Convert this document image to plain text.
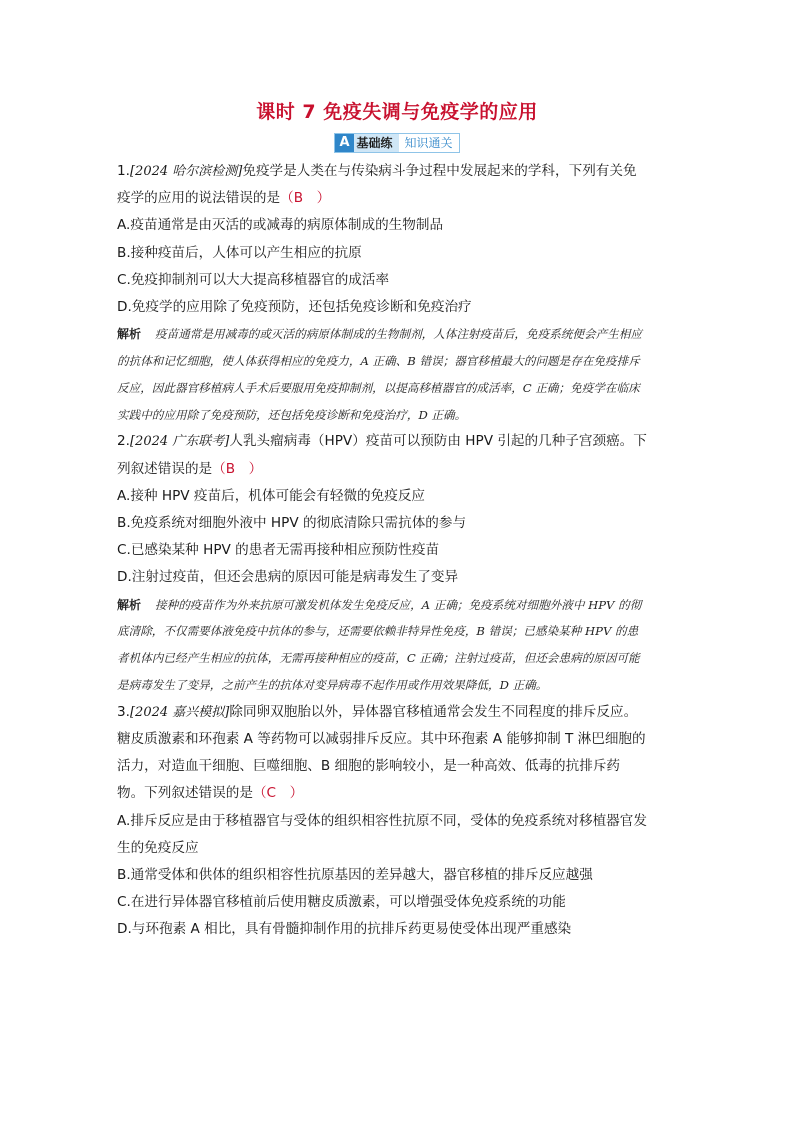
课时 7 免疫失调与免疫学的应用
A 基础练	知识通关
1.[2024 哈尔滨检测]免疫学是人类在与传染病斗争过程中发展起来的学科，下列有关免疫学的应用的说法错误的是（B　）
A.疫苗通常是由灭活的或减毒的病原体制成的生物制品
B.接种疫苗后，人体可以产生相应的抗原
C.免疫抑制剂可以大大提高移植器官的成活率
D.免疫学的应用除了免疫预防，还包括免疫诊断和免疫治疗
解析 疫苗通常是用减毒的或灭活的病原体制成的生物制剂，人体注射疫苗后，免疫系统便会产生相应的抗体和记忆细胞，使人体获得相应的免疫力，A 正确、B 错误；器官移植最大的问题是存在免疫排斥反应，因此器官移植病人手术后要服用免疫抑制剂，以提高移植器官的成活率，C 正确；免疫学在临床实践中的应用除了免疫预防，还包括免疫诊断和免疫治疗，D 正确。
2.[2024 广东联考]人乳头瘤病毒（HPV）疫苗可以预防由 HPV 引起的几种子宫颈癌。下列叙述错误的是（B　）
A.接种 HPV 疫苗后，机体可能会有轻微的免疫反应
B.免疫系统对细胞外液中 HPV 的彻底清除只需抗体的参与
C.已感染某种 HPV 的患者无需再接种相应预防性疫苗
D.注射过疫苗，但还会患病的原因可能是病毒发生了变异
解析 接种的疫苗作为外来抗原可激发机体发生免疫反应，A 正确；免疫系统对细胞外液中 HPV 的彻底清除，不仅需要体液免疫中抗体的参与，还需要依赖非特异性免疫，B 错误；已感染某种 HPV 的患者机体内已经产生相应的抗体，无需再接种相应的疫苗，C 正确；注射过疫苗，但还会患病的原因可能是病毒发生了变异，之前产生的抗体对变异病毒不起作用或作用效果降低，D 正确。
3.[2024 嘉兴模拟]除同卵双胞胎以外，异体器官移植通常会发生不同程度的排斥反应。糖皮质激素和环孢素 A 等药物可以减弱排斥反应。其中环孢素 A 能够抑制 T 淋巴细胞的活力，对造血干细胞、巨噬细胞、B 细胞的影响较小，是一种高效、低毒的抗排斥药物。下列叙述错误的是（C　）
A.排斥反应是由于移植器官与受体的组织相容性抗原不同，受体的免疫系统对移植器官发生的免疫反应
B.通常受体和供体的组织相容性抗原基因的差异越大，器官移植的排斥反应越强
C.在进行异体器官移植前后使用糖皮质激素，可以增强受体免疫系统的功能
D.与环孢素 A 相比，具有骨髓抑制作用的抗排斥药更易使受体出现严重感染
